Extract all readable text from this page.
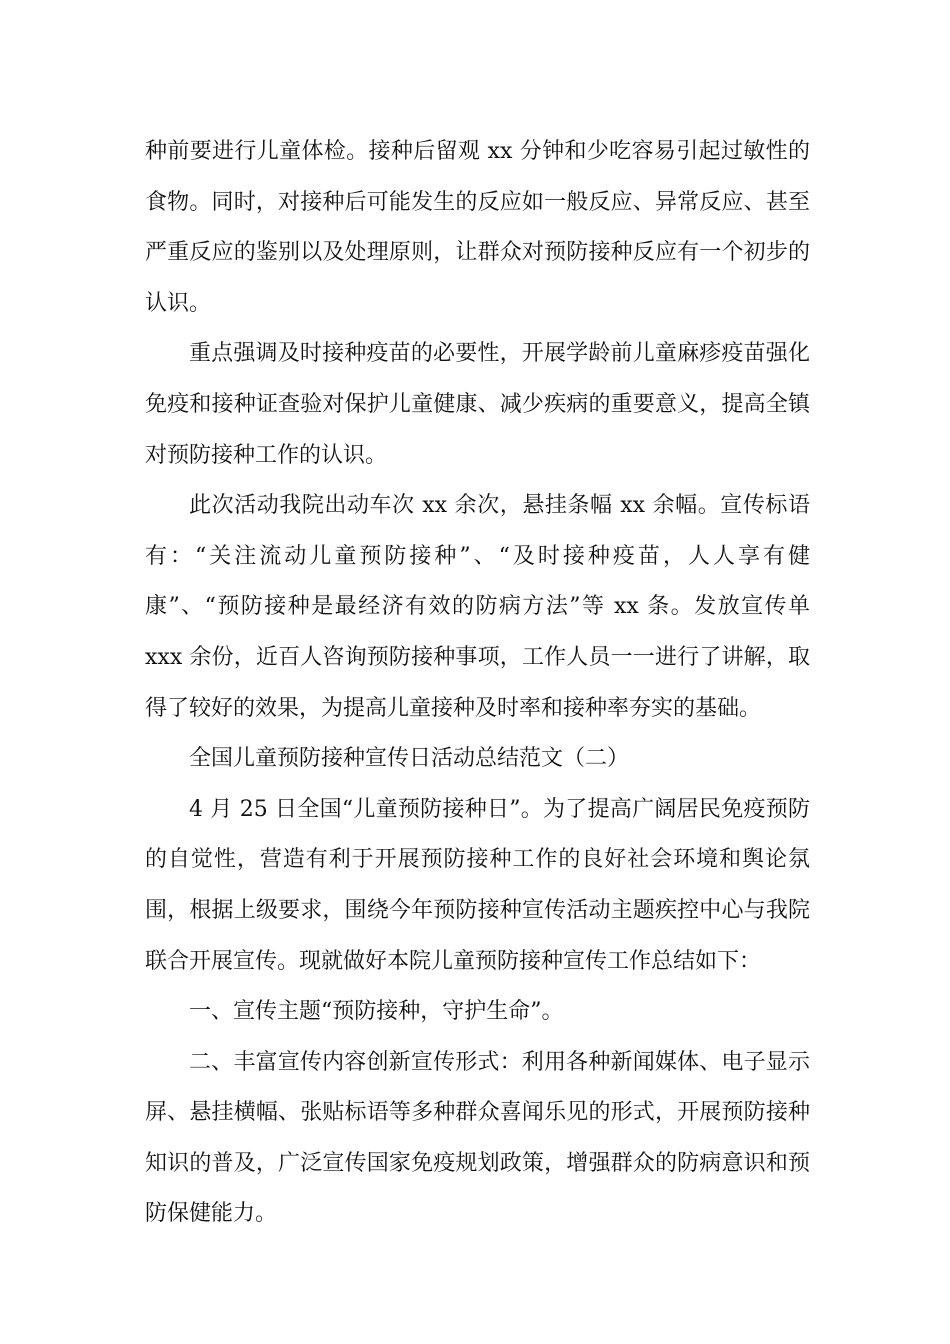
种前要进行儿童体检。接种后留观 xx 分钟和少吃容易引起过敏性的食物。同时，对接种后可能发生的反应如一般反应、异常反应、甚至严重反应的鉴别以及处理原则，让群众对预防接种反应有一个初步的认识。

重点强调及时接种疫苗的必要性，开展学龄前儿童麻疹疫苗强化免疫和接种证查验对保护儿童健康、减少疾病的重要意义，提高全镇对预防接种工作的认识。

此次活动我院出动车次 xx 余次，悬挂条幅 xx 余幅。宣传标语有：“关注流动儿童预防接种”、“及时接种疫苗，人人享有健康”、“预防接种是最经济有效的防病方法”等 xx 条。发放宣传单 xxx 余份，近百人咨询预防接种事项，工作人员一一进行了讲解，取得了较好的效果，为提高儿童接种及时率和接种率夯实的基础。

全国儿童预防接种宣传日活动总结范文（二）

4 月 25 日全国“儿童预防接种日”。为了提高广阔居民免疫预防的自觉性，营造有利于开展预防接种工作的良好社会环境和舆论氛围，根据上级要求，围绕今年预防接种宣传活动主题疾控中心与我院联合开展宣传。现就做好本院儿童预防接种宣传工作总结如下：

一、宣传主题“预防接种，守护生命”。

二、丰富宣传内容创新宣传形式：利用各种新闻媒体、电子显示屏、悬挂横幅、张贴标语等多种群众喜闻乐见的形式，开展预防接种知识的普及，广泛宣传国家免疫规划政策，增强群众的防病意识和预防保健能力。
